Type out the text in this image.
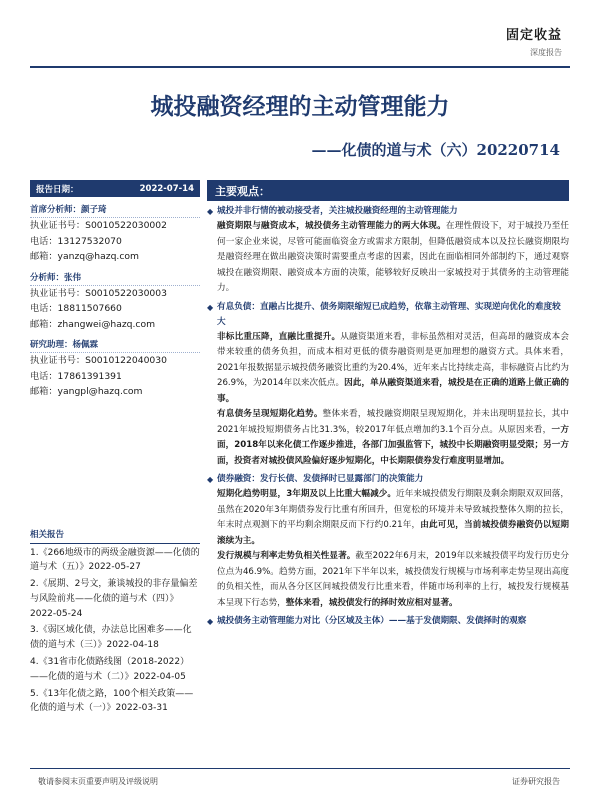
固定收益
深度报告
城投融资经理的主动管理能力
——化债的道与术（六）20220714
报告日期：	2022-07-14
首席分析师：颜子琦
执业证书号：S0010522030002
电话：13127532070
邮箱：yanzq@hazq.com
分析师：张伟
执业证书号：S0010522030003
电话：18811507660
邮箱：zhangwei@hazq.com
研究助理：杨佩霖
执业证书号：S0010122040030
电话：17861391391
邮箱：yangpl@hazq.com
相关报告
1.《266地级市的两级金融资源——化债的道与术（五）》2022-05-27
2.《展期、2号文，兼谈城投的非存量偏差与风险前兆——化债的道与术（四）》2022-05-24
3.《弱区域化债，办法总比困难多——化债的道与术（三）》2022-04-18
4.《31省市化债路线图（2018-2022）——化债的道与术（二）》2022-04-05
5.《13年化债之路，100个相关政策——化债的道与术（一）》2022-03-31
主要观点：
◆ 城投并非行情的被动接受者，关注城投融资经理的主动管理能力
融资期限与融资成本，城投债务主动管理能力的两大体现。在理性假设下，对于城投乃至任何一家企业来说，尽管可能面临资金方或需求方限制，但降低融资成本以及拉长融资期限均是融资经理在做出融资决策时需要重点考虑的因素，因此在面临相同外部制约下，通过观察城投在融资期限、融资成本方面的决策，能够较好反映出一家城投对于其债务的主动管理能力。
◆ 有息负债：直融占比提升、债务期限缩短已成趋势，依靠主动管理、实现逆向优化的难度较大
非标比重压降，直融比重提升。从融资渠道来看，非标虽然相对灵活，但高昂的融资成本会带来较重的债务负担，而成本相对更低的债券融资则是更加理想的融资方式。具体来看，2021年报数据显示城投债务融资比重约为20.4%，近年来占比持续走高，非标融资占比约为26.9%，为2014年以来次低点。因此，单从融资渠道来看，城投是在正确的道路上做正确的事。
有息债务呈现短期化趋势。整体来看，城投融资期限呈现短期化，并未出现明显拉长，其中2021年城投短期债务占比31.3%，较2017年低点增加约3.1个百分点。从原因来看，一方面，2018年以来化债工作逐步推进，各部门加强监管下，城投中长期融资明显受限；另一方面，投资者对城投债风险偏好逐步短期化，中长期限债券发行难度明显增加。
◆ 债券融资：发行长债、发债择时已显露部门的决策能力
短期化趋势明显，3年期及以上比重大幅减少。近年来城投债发行期限及剩余期限双双回落，虽然在2020年3年期债券发行比重有所回升，但宽松的环境并未导致城投整体久期的拉长，年末时点观测下的平均剩余期限反而下行约0.21年，由此可见，当前城投债券融资仍以短期滚续为主。
发行规模与利率走势负相关性显著。截至2022年6月末，2019年以来城投债平均发行历史分位点为46.9%。趋势方面，2021年下半年以来，城投债发行规模与市场利率走势呈现出高度的负相关性，而从各分区区间城投债发行比重来看，伴随市场利率的上行，城投发行规模基本呈现下行态势，整体来看，城投债发行的择时效应相对显著。
◆ 城投债务主动管理能力对比（分区域及主体）——基于发债期限、发债择时的观察
敬请参阅末页重要声明及评级说明	证券研究报告
